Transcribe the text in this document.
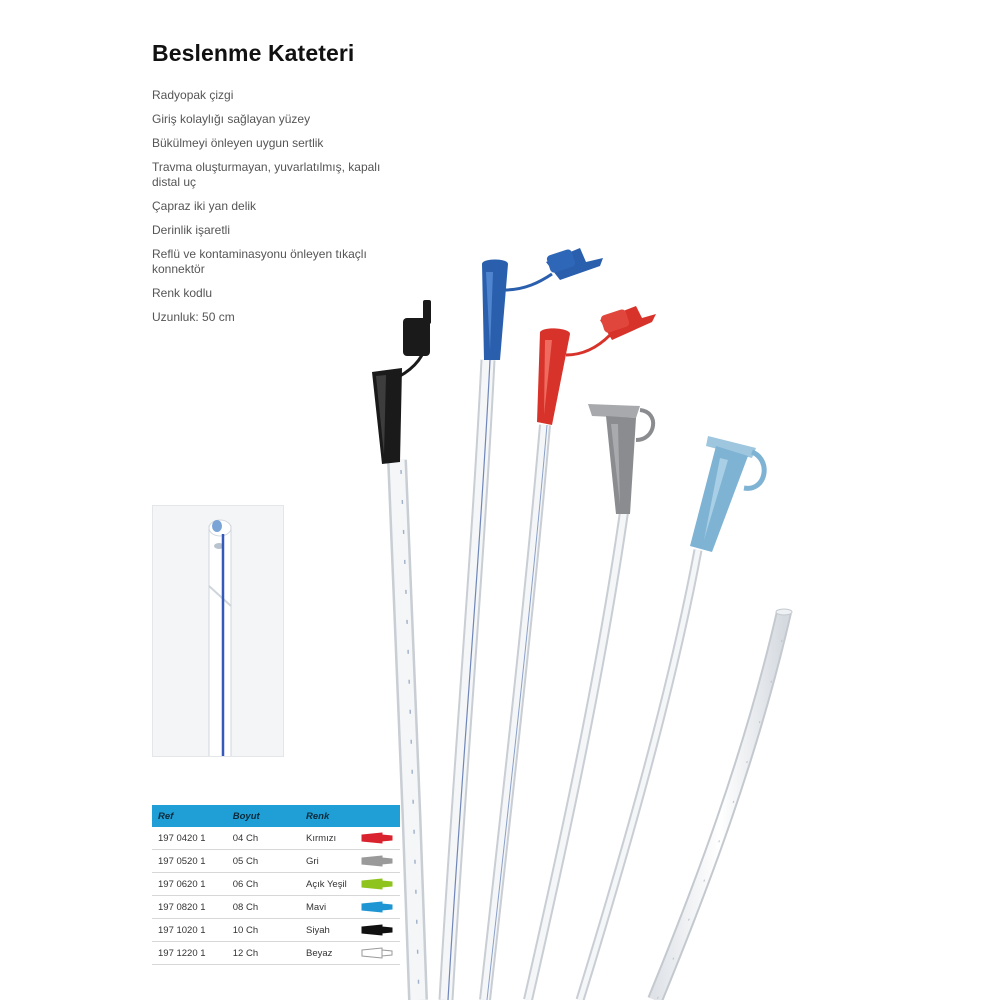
Beslenme Kateteri
Radyopak çizgi
Giriş kolaylığı sağlayan yüzey
Bükülmeyi önleyen uygun sertlik
Travma oluşturmayan, yuvarlatılmış, kapalı distal uç
Çapraz iki yan delik
Derinlik işaretli
Reflü ve kontaminasyonu önleyen tıkaçlı konnektör
Renk kodlu
Uzunluk: 50 cm
Ref	Boyut	Renk	
197 0420 1	04 Ch	Kırmızı	

197 0520 1	05 Ch	Gri	

197 0620 1	06 Ch	Açık Yeşil	

197 0820 1	08 Ch	Mavi	

197 1020 1	10 Ch	Siyah	

197 1220 1	12 Ch	Beyaz	
